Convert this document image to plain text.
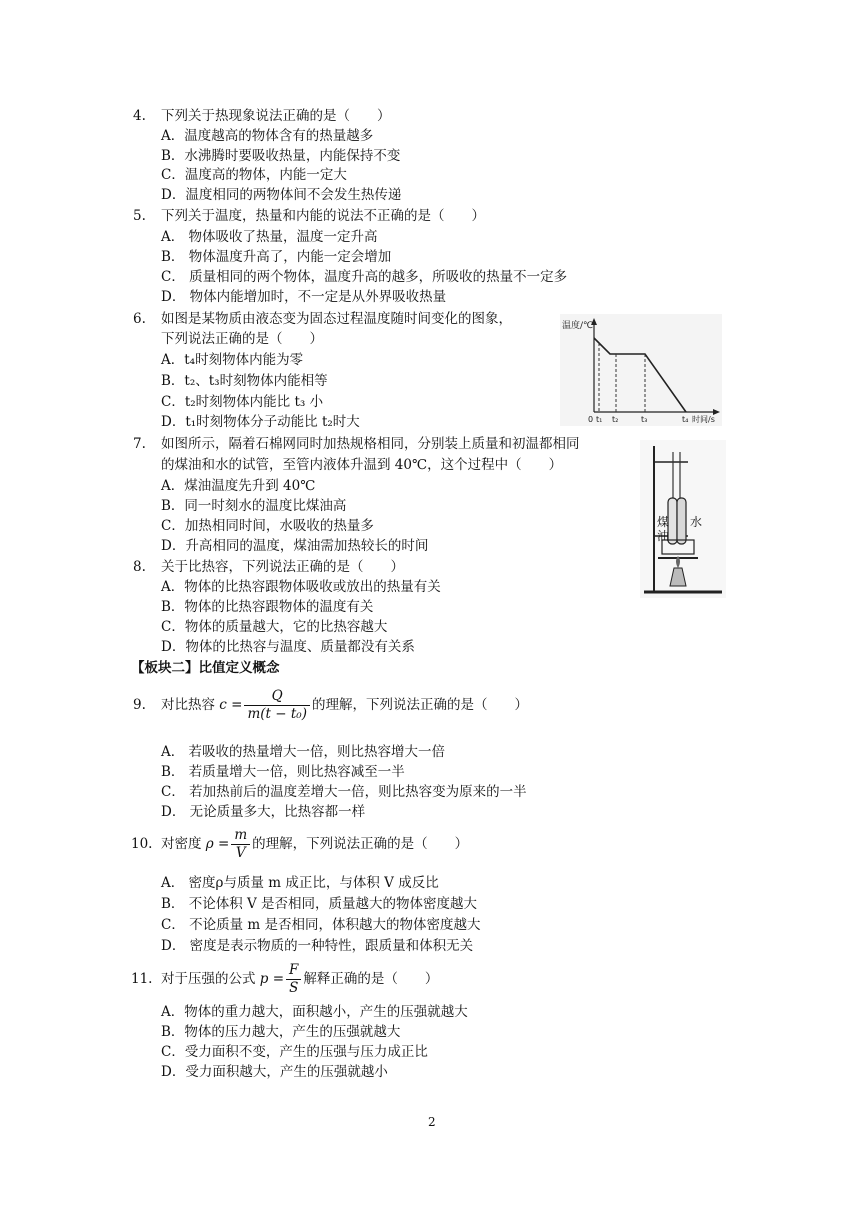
4. 下列关于热现象说法正确的是（　　）
A．温度越高的物体含有的热量越多
B．水沸腾时要吸收热量，内能保持不变
C．温度高的物体，内能一定大
D．温度相同的两物体间不会发生热传递
5. 下列关于温度，热量和内能的说法不正确的是（　　）
A． 物体吸收了热量，温度一定升高
B． 物体温度升高了，内能一定会增加
C． 质量相同的两个物体，温度升高的越多，所吸收的热量不一定多
D． 物体内能增加时，不一定是从外界吸收热量
6. 如图是某物质由液态变为固态过程温度随时间变化的图象，
下列说法正确的是（　　）
A．t₄时刻物体内能为零
B．t₂、t₃时刻物体内能相等
C．t₂时刻物体内能比 t₃ 小
D．t₁时刻物体分子动能比 t₂时大
温度/℃
0 t₁ t₂	t₃	t₄ 时间/s
7. 如图所示，隔着石棉网同时加热规格相同，分别装上质量和初温都相同
的煤油和水的试管，至管内液体升温到 40℃，这个过程中（　　）
A．煤油温度先升到 40℃
B．同一时刻水的温度比煤油高
C．加热相同时间，水吸收的热量多
D．升高相同的温度，煤油需加热较长的时间
煤
油
水
8. 关于比热容，下列说法正确的是（　　）
A．物体的比热容跟物体吸收或放出的热量有关
B．物体的比热容跟物体的温度有关
C．物体的质量越大，它的比热容越大
D．物体的比热容与温度、质量都没有关系
【板块二】比值定义概念
9. 对比热容 $c = \frac{Q}{\text{m(t − t₀)}}$ 的理解，下列说法正确的是（　　）
A． 若吸收的热量增大一倍，则比热容增大一倍
B． 若质量增大一倍，则比热容减至一半
C． 若加热前后的温度差增大一倍，则比热容变为原来的一半
D． 无论质量多大，比热容都一样
10. 对密度 $\rho = \frac{m}{V}$ 的理解，下列说法正确的是（　　）
A． 密度ρ与质量 m 成正比，与体积 V 成反比
B． 不论体积 V 是否相同，质量越大的物体密度越大
C． 不论质量 m 是否相同，体积越大的物体密度越大
D． 密度是表示物质的一种特性，跟质量和体积无关
11. 对于压强的公式 $p = \frac{F}{S}$ 解释正确的是（　　）
A．物体的重力越大，面积越小，产生的压强就越大
B．物体的压力越大，产生的压强就越大
C．受力面积不变，产生的压强与压力成正比
D．受力面积越大，产生的压强就越小
2
